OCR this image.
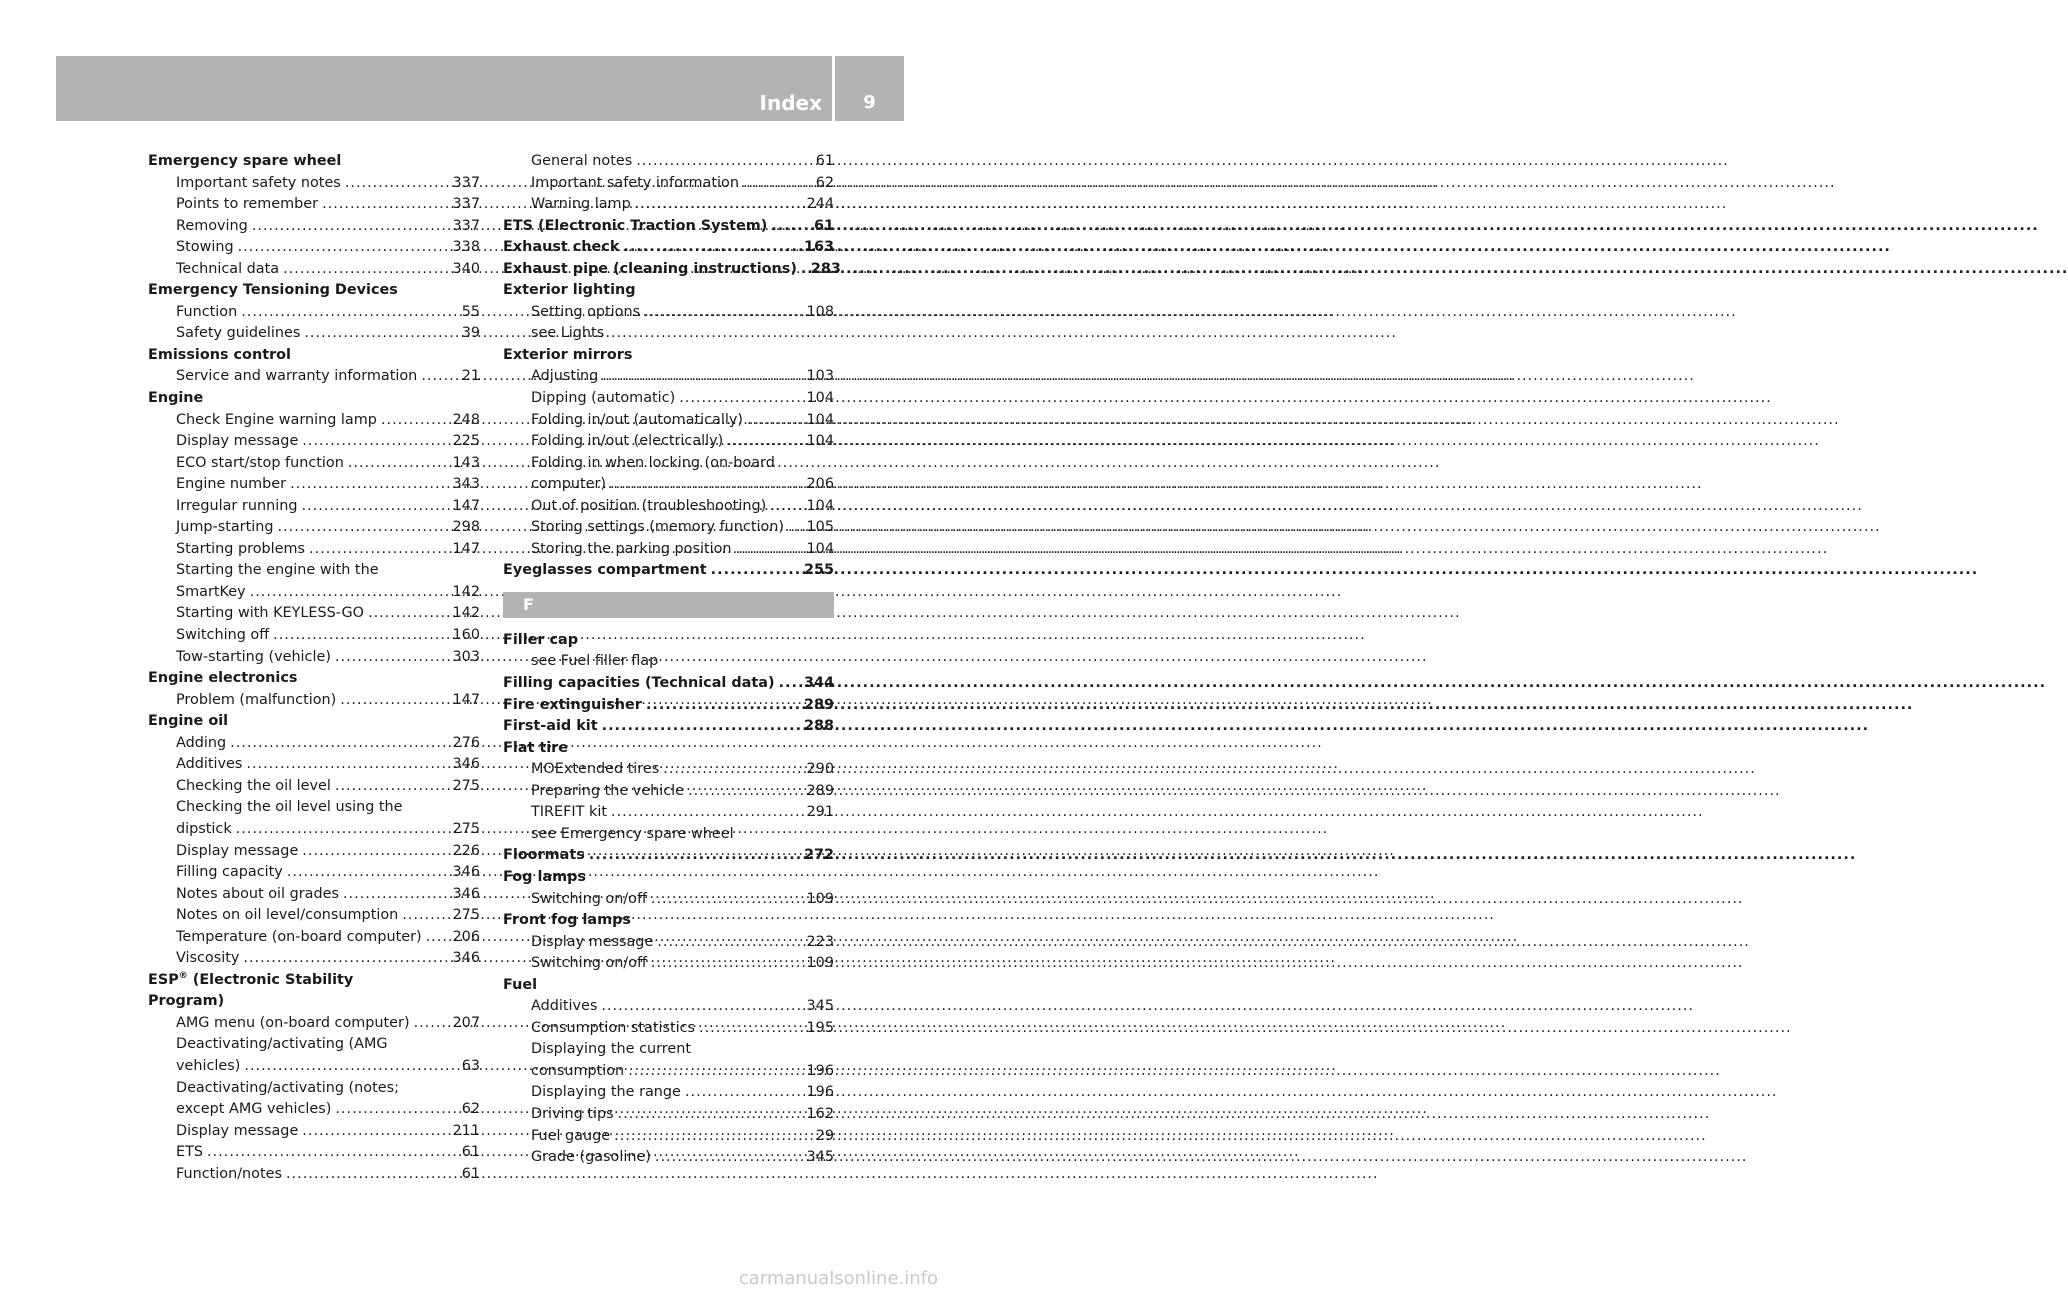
Index	9
Emergency spare wheel
Important safety notes .....	337
Points to remember .....	337
Removing .....	337
Stowing .....	338
Technical data .....	340
Emergency Tensioning Devices
Function .....	55
Safety guidelines .....	39
Emissions control
Service and warranty information .....	21
Engine
Check Engine warning lamp .....	248
Display message .....	225
ECO start/stop function .....	143
Engine number .....	343
Irregular running .....	147
Jump-starting .....	298
Starting problems .....	147
Starting the engine with the
SmartKey .....	142
Starting with KEYLESS-GO .....	142
Switching off .....	160
Tow-starting (vehicle) .....	303
Engine electronics
Problem (malfunction) .....	147
Engine oil
Adding .....	276
Additives .....	346
Checking the oil level .....	275
Checking the oil level using the
dipstick .....	275
Display message .....	226
Filling capacity .....	346
Notes about oil grades .....	346
Notes on oil level/consumption .....	275
Temperature (on-board computer) ..... 206
Viscosity .....	346
ESP® (Electronic Stability
Program)
AMG menu (on-board computer) .....	207
Deactivating/activating (AMG
vehicles) .....	63
Deactivating/activating (notes;
except AMG vehicles) .....	62
Display message .....	211
ETS .....	61
Function/notes .....	61
General notes .....	61
Important safety information .....	62
Warning lamp .....	244
ETS (Electronic Traction System) .....	61
Exhaust check .....	163
Exhaust pipe (cleaning instructions) ..... 283
Exterior lighting
Setting options .....	108
see Lights
Exterior mirrors
Adjusting .....	103
Dipping (automatic) .....	104
Folding in/out (automatically) .....	104
Folding in/out (electrically) .....	104
Folding in when locking (on-board
computer) .....	206
Out of position (troubleshooting) .....	104
Storing settings (memory function) ..... 105
Storing the parking position .....	104
Eyeglasses compartment .....	255
F
Filler cap
see Fuel filler flap
Filling capacities (Technical data) ..... 344
Fire extinguisher .....	289
First-aid kit .....	288
Flat tire
MOExtended tires .....	290
Preparing the vehicle .....	289
TIREFIT kit .....	291
see Emergency spare wheel
Floormats .....	272
Fog lamps
Switching on/off .....	109
Front fog lamps
Display message .....	223
Switching on/off .....	109
Fuel
Additives .....	345
Consumption statistics .....	195
Displaying the current
consumption .....	196
Displaying the range .....	196
Driving tips .....	162
Fuel gauge .....	29
Grade (gasoline) .....	345
carmanualsonline.info
